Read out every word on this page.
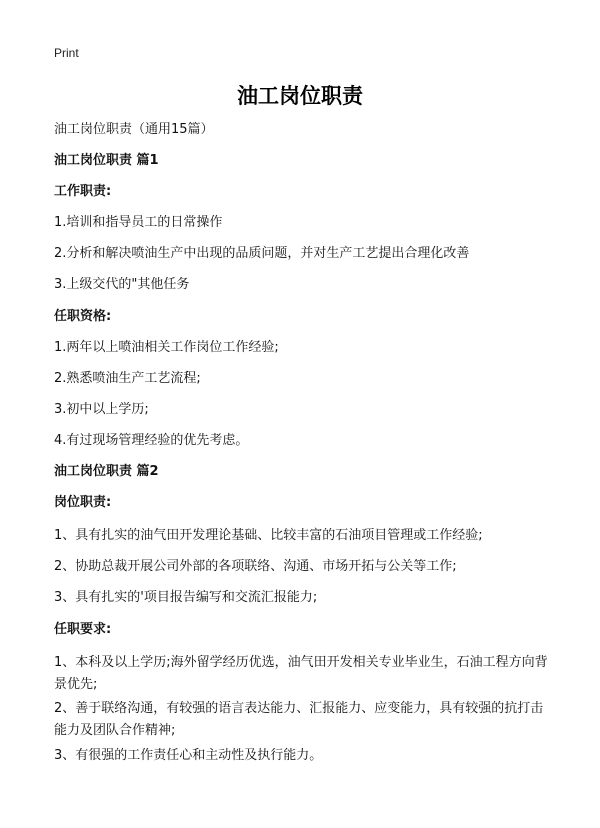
Print
油工岗位职责
油工岗位职责（通用15篇）
油工岗位职责 篇1
工作职责:
1.培训和指导员工的日常操作
2.分析和解决喷油生产中出现的品质问题，并对生产工艺提出合理化改善
3.上级交代的"其他任务
任职资格:
1.两年以上喷油相关工作岗位工作经验;
2.熟悉喷油生产工艺流程;
3.初中以上学历;
4.有过现场管理经验的优先考虑。
油工岗位职责 篇2
岗位职责:
1、具有扎实的油气田开发理论基础、比较丰富的石油项目管理或工作经验;
2、协助总裁开展公司外部的各项联络、沟通、市场开拓与公关等工作;
3、具有扎实的'项目报告编写和交流汇报能力;
任职要求:
1、本科及以上学历;海外留学经历优选，油气田开发相关专业毕业生，石油工程方向背景优先;
2、善于联络沟通，有较强的语言表达能力、汇报能力、应变能力，具有较强的抗打击能力及团队合作精神;
3、有很强的工作责任心和主动性及执行能力。
